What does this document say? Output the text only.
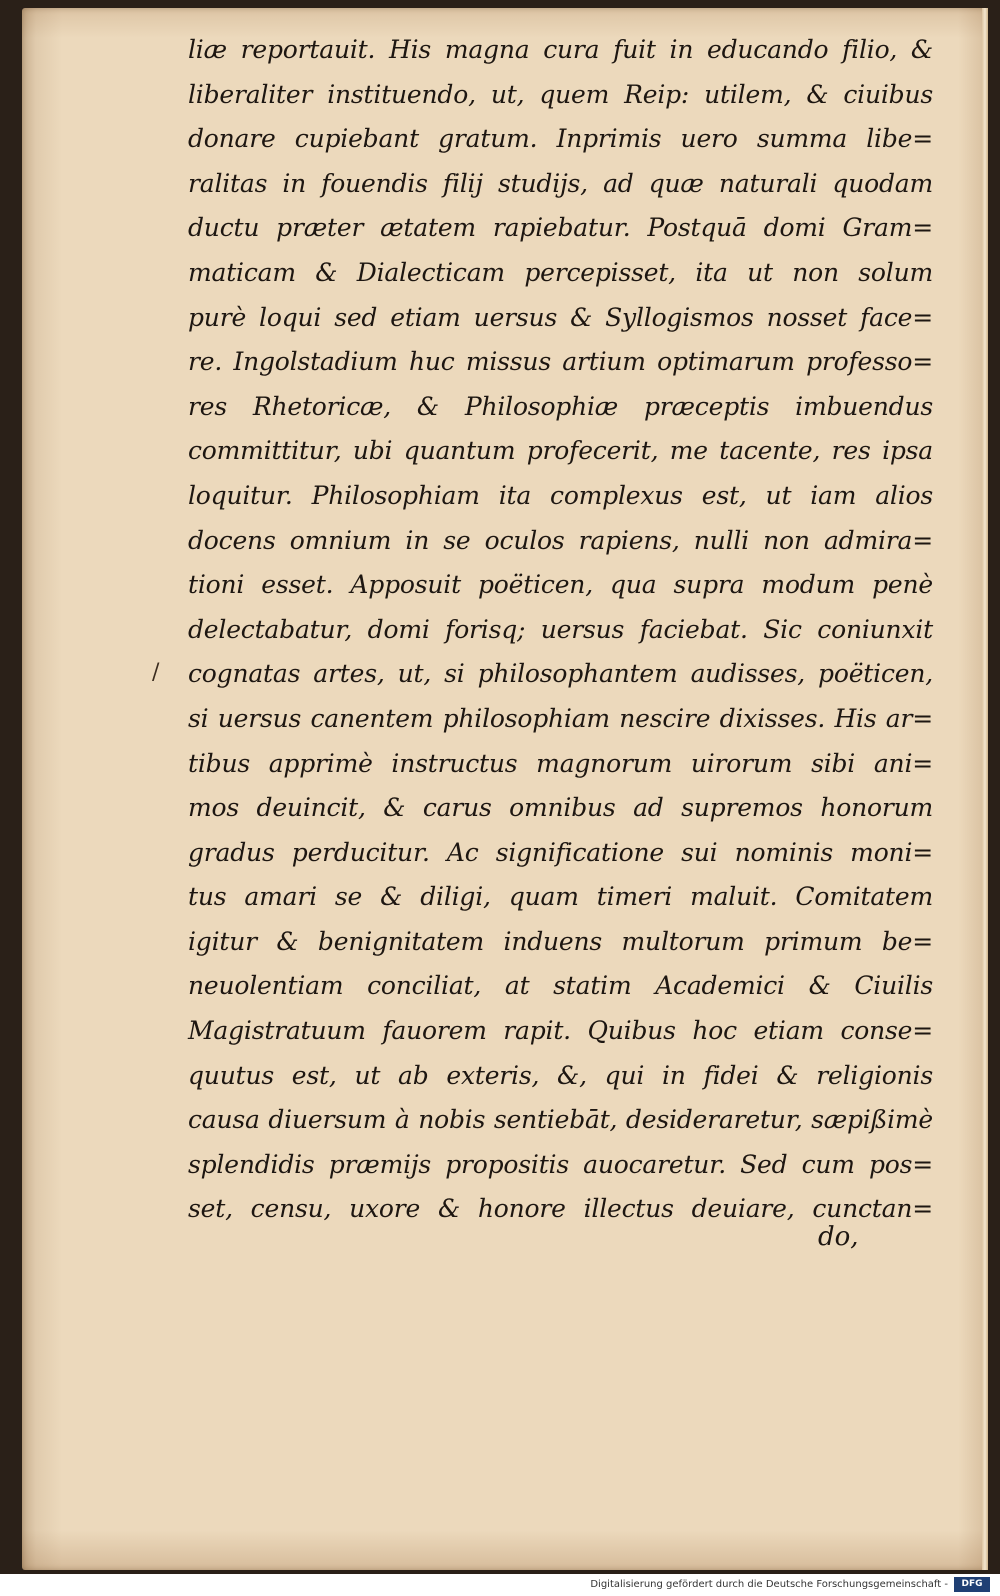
liæ reportauit. His magna cura fuit in educando filio, &
liberaliter instituendo, ut, quem Reip: utilem, & ciuibus
donare cupiebant gratum. Inprimis uero summa libe=
ralitas in fouendis filij studijs, ad quæ naturali quodam
ductu præter ætatem rapiebatur. Postquā domi Gram=
maticam & Dialecticam percepisset, ita ut non solum
purè loqui sed etiam uersus & Syllogismos nosset face=
re. Ingolstadium huc missus artium optimarum professo=
res Rhetoricæ, & Philosophiæ præceptis imbuendus
committitur, ubi quantum profecerit, me tacente, res ipsa
loquitur. Philosophiam ita complexus est, ut iam alios
docens omnium in se oculos rapiens, nulli non admira=
tioni esset. Apposuit poëticen, qua supra modum penè
delectabatur, domi forisq; uersus faciebat. Sic coniunxit
cognatas artes, ut, si philosophantem audisses, poëticen,
si uersus canentem philosophiam nescire dixisses. His ar=
tibus apprimè instructus magnorum uirorum sibi ani=
mos deuincit, & carus omnibus ad supremos honorum
gradus perducitur. Ac significatione sui nominis moni=
tus amari se & diligi, quam timeri maluit. Comitatem
igitur & benignitatem induens multorum primum be=
neuolentiam conciliat, at statim Academici & Ciuilis
Magistratuum fauorem rapit. Quibus hoc etiam conse=
quutus est, ut ab exteris, &, qui in fidei & religionis
causa diuersum à nobis sentiebāt, desideraretur, sæpißimè
splendidis præmijs propositis auocaretur. Sed cum pos=
set, censu, uxore & honore illectus deuiare, cunctan=
/
do,
Digitalisierung gefördert durch die Deutsche Forschungsgemeinschaft -	DFG
